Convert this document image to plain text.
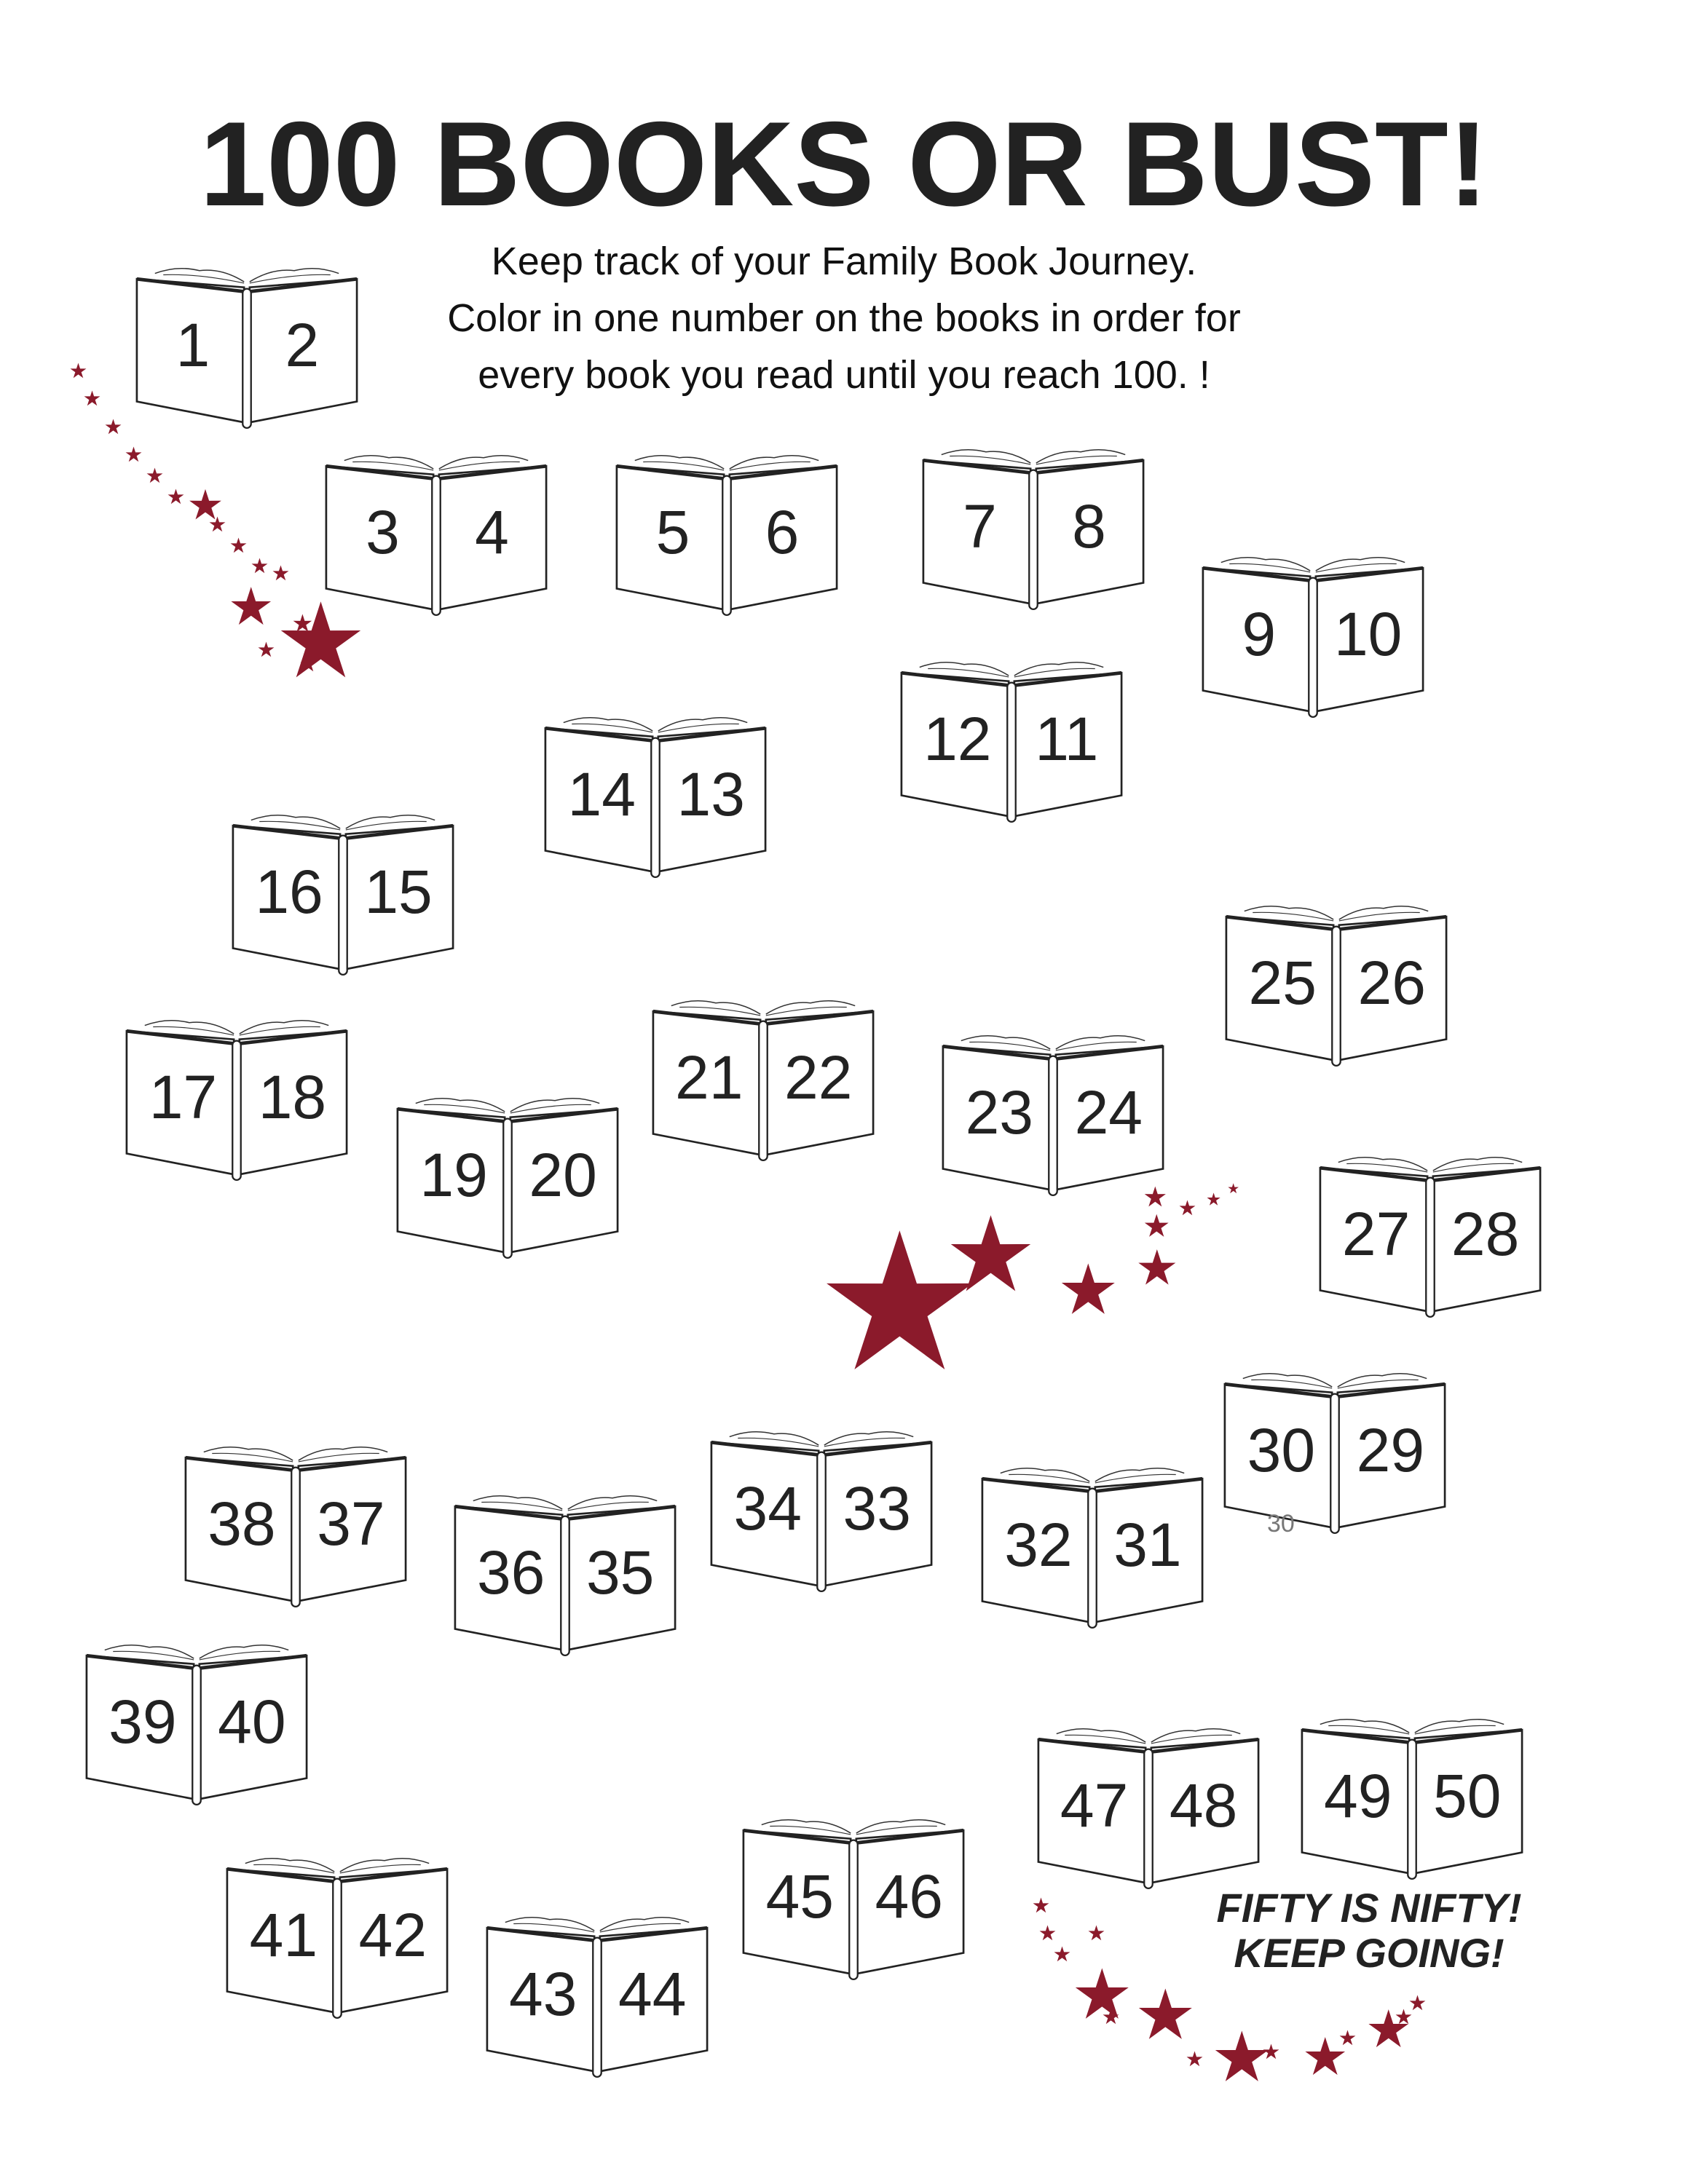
100 BOOKS OR BUST!
Keep track of your Family Book Journey.
Color in one number on the books in order for
every book you read until you reach 100. !
1	2
3	4	5	6	7	8
9 10
14 13
12 11
16 15
25 26
17 18	21 22
23 24
19 20
27 28
30 29
38 37	34 33
36 35	32 31
39 40
47 48 49 50
41 42
45 46
43 44
30
FIFTY IS NIFTY!
KEEP GOING!
